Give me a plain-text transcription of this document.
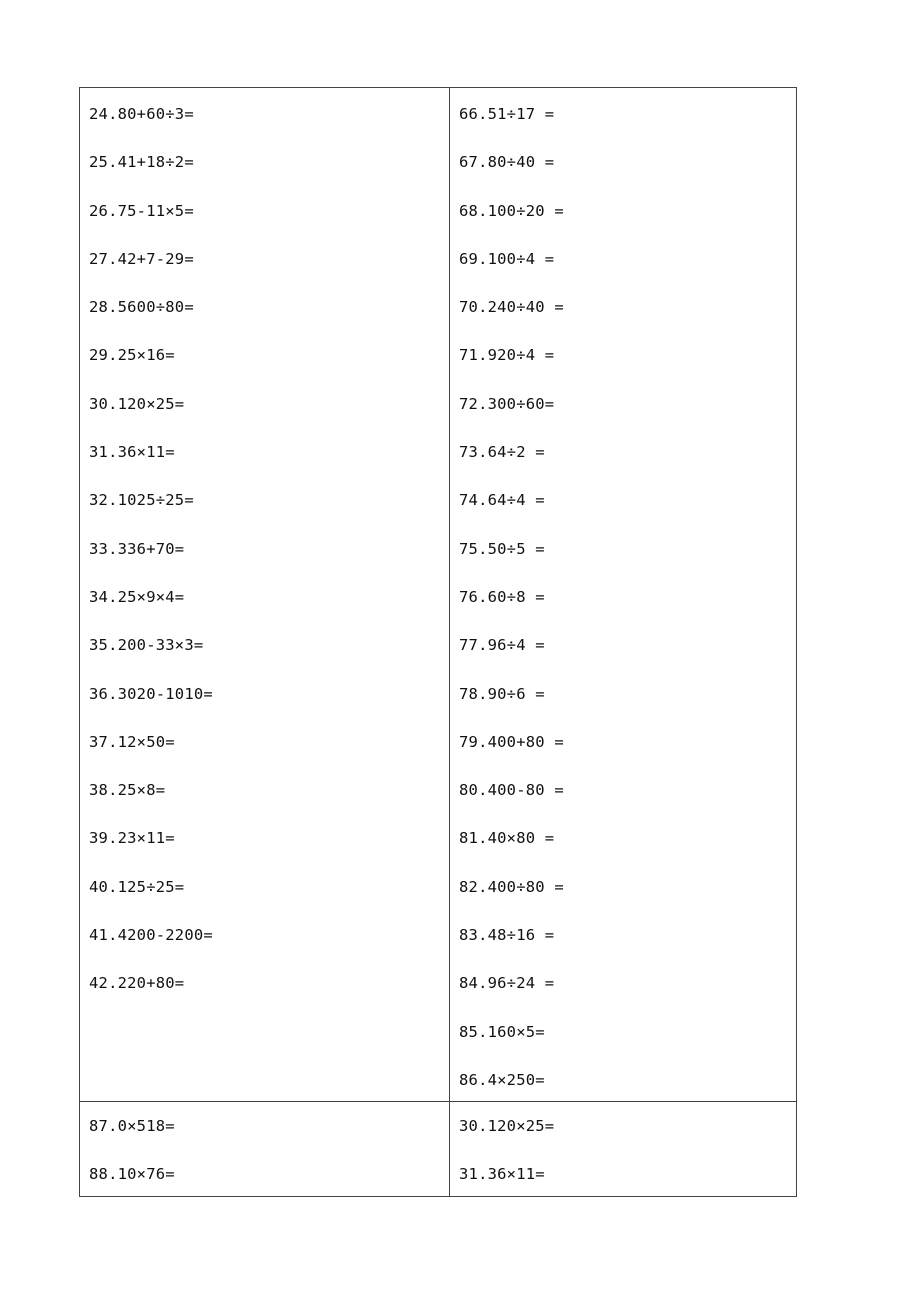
24.80+60÷3=
25.41+18÷2=
26.75-11×5=
27.42+7-29=
28.5600÷80=
29.25×16=
30.120×25=
31.36×11=
32.1025÷25=
33.336+70=
34.25×9×4=
35.200-33×3=
36.3020-1010=
37.12×50=
38.25×8=
39.23×11=
40.125÷25=
41.4200-2200=
42.220+80=
66.51÷17 =
67.80÷40 =
68.100÷20 =
69.100÷4 =
70.240÷40 =
71.920÷4 =
72.300÷60=
73.64÷2 =
74.64÷4 =
75.50÷5 =
76.60÷8 =
77.96÷4 =
78.90÷6 =
79.400+80 =
80.400-80 =
81.40×80 =
82.400÷80 =
83.48÷16 =
84.96÷24 =
85.160×5=
86.4×250=
87.0×518=
88.10×76=
30.120×25=
31.36×11=
